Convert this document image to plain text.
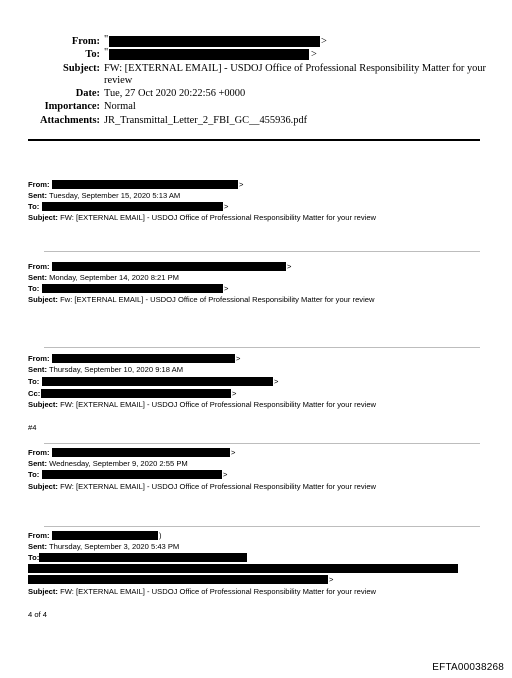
From: "	>
To: "	>
Subject: FW: [EXTERNAL EMAIL] - USDOJ Office of Professional Responsibility Matter for your
review
Date: Tue, 27 Oct 2020 20:22:56 +0000
Importance: Normal
Attachments: JR_Transmittal_Letter_2_FBI_GC__455936.pdf
From:	>
Sent: Tuesday, September 15, 2020 5:13 AM
To:	>
Subject: FW: [EXTERNAL EMAIL] - USDOJ Office of Professional Responsibility Matter for your review
From:	>
Sent: Monday, September 14, 2020 8:21 PM
To:	>
Subject: Fw: [EXTERNAL EMAIL] - USDOJ Office of Professional Responsibility Matter for your review
From:	>
Sent: Thursday, September 10, 2020 9:18 AM
To:	>
Cc:	>
Subject: FW: [EXTERNAL EMAIL] - USDOJ Office of Professional Responsibility Matter for your review
#4
From:	>
Sent: Wednesday, September 9, 2020 2:55 PM
To:	>
Subject: FW: [EXTERNAL EMAIL] - USDOJ Office of Professional Responsibility Matter for your review
From:	)
Sent: Thursday, September 3, 2020 5:43 PM
To:
>
Subject: FW: [EXTERNAL EMAIL] - USDOJ Office of Professional Responsibility Matter for your review
4 of 4
EFTA00038268
